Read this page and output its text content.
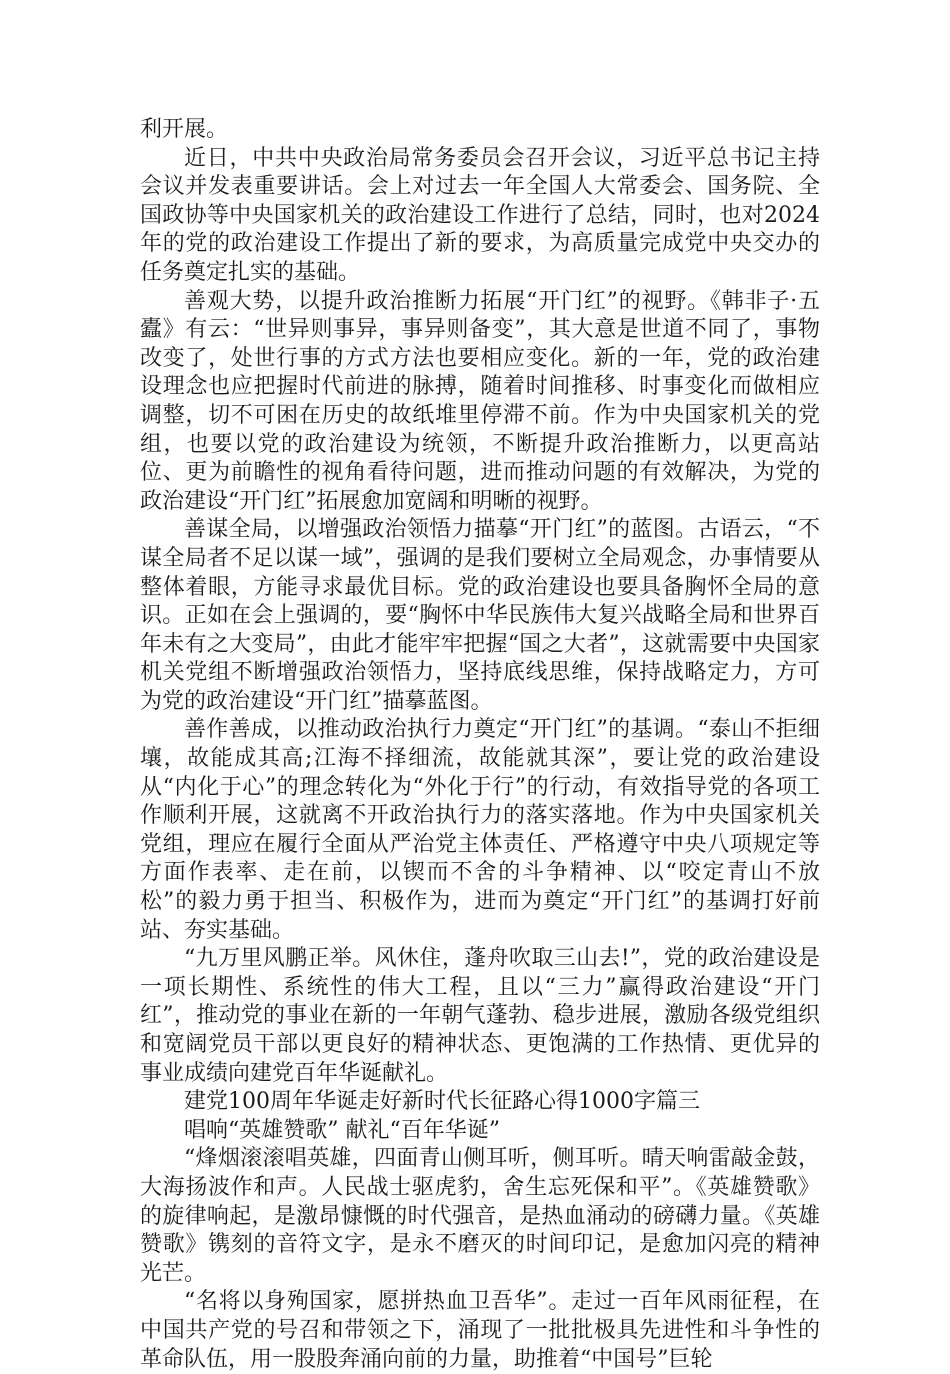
利开展。

近日，中共中央政治局常务委员会召开会议，习近平总书记主持会议并发表重要讲话。会上对过去一年全国人大常委会、国务院、全国政协等中央国家机关的政治建设工作进行了总结，同时，也对2024年的党的政治建设工作提出了新的要求，为高质量完成党中央交办的任务奠定扎实的基础。

善观大势，以提升政治推断力拓展“开门红”的视野。《韩非子·五蠹》有云：“世异则事异，事异则备变”，其大意是世道不同了，事物改变了，处世行事的方式方法也要相应变化。新的一年，党的政治建设理念也应把握时代前进的脉搏，随着时间推移、时事变化而做相应调整，切不可困在历史的故纸堆里停滞不前。作为中央国家机关的党组，也要以党的政治建设为统领，不断提升政治推断力，以更高站位、更为前瞻性的视角看待问题，进而推动问题的有效解决，为党的政治建设“开门红”拓展愈加宽阔和明晰的视野。

善谋全局，以增强政治领悟力描摹“开门红”的蓝图。古语云，“不谋全局者不足以谋一域”，强调的是我们要树立全局观念，办事情要从整体着眼，方能寻求最优目标。党的政治建设也要具备胸怀全局的意识。正如在会上强调的，要“胸怀中华民族伟大复兴战略全局和世界百年未有之大变局”，由此才能牢牢把握“国之大者”，这就需要中央国家机关党组不断增强政治领悟力，坚持底线思维，保持战略定力，方可为党的政治建设“开门红”描摹蓝图。

善作善成，以推动政治执行力奠定“开门红”的基调。“泰山不拒细壤，故能成其高;江海不择细流，故能就其深”，要让党的政治建设从“内化于心”的理念转化为“外化于行”的行动，有效指导党的各项工作顺利开展，这就离不开政治执行力的落实落地。作为中央国家机关党组，理应在履行全面从严治党主体责任、严格遵守中央八项规定等方面作表率、走在前，以锲而不舍的斗争精神、以“咬定青山不放松”的毅力勇于担当、积极作为，进而为奠定“开门红”的基调打好前站、夯实基础。

“九万里风鹏正举。风休住，蓬舟吹取三山去!”，党的政治建设是一项长期性、系统性的伟大工程，且以“三力”赢得政治建设“开门红”，推动党的事业在新的一年朝气蓬勃、稳步进展，激励各级党组织和宽阔党员干部以更良好的精神状态、更饱满的工作热情、更优异的事业成绩向建党百年华诞献礼。

建党100周年华诞走好新时代长征路心得1000字篇三

唱响“英雄赞歌” 献礼“百年华诞”

“烽烟滚滚唱英雄，四面青山侧耳听，侧耳听。晴天响雷敲金鼓，大海扬波作和声。人民战士驱虎豹，舍生忘死保和平”。《英雄赞歌》的旋律响起，是激昂慷慨的时代强音，是热血涌动的磅礴力量。《英雄赞歌》镌刻的音符文字，是永不磨灭的时间印记，是愈加闪亮的精神光芒。

“名将以身殉国家，愿拼热血卫吾华”。走过一百年风雨征程，在中国共产党的号召和带领之下，涌现了一批批极具先进性和斗争性的革命队伍，用一股股奔涌向前的力量，助推着“中国号”巨轮
